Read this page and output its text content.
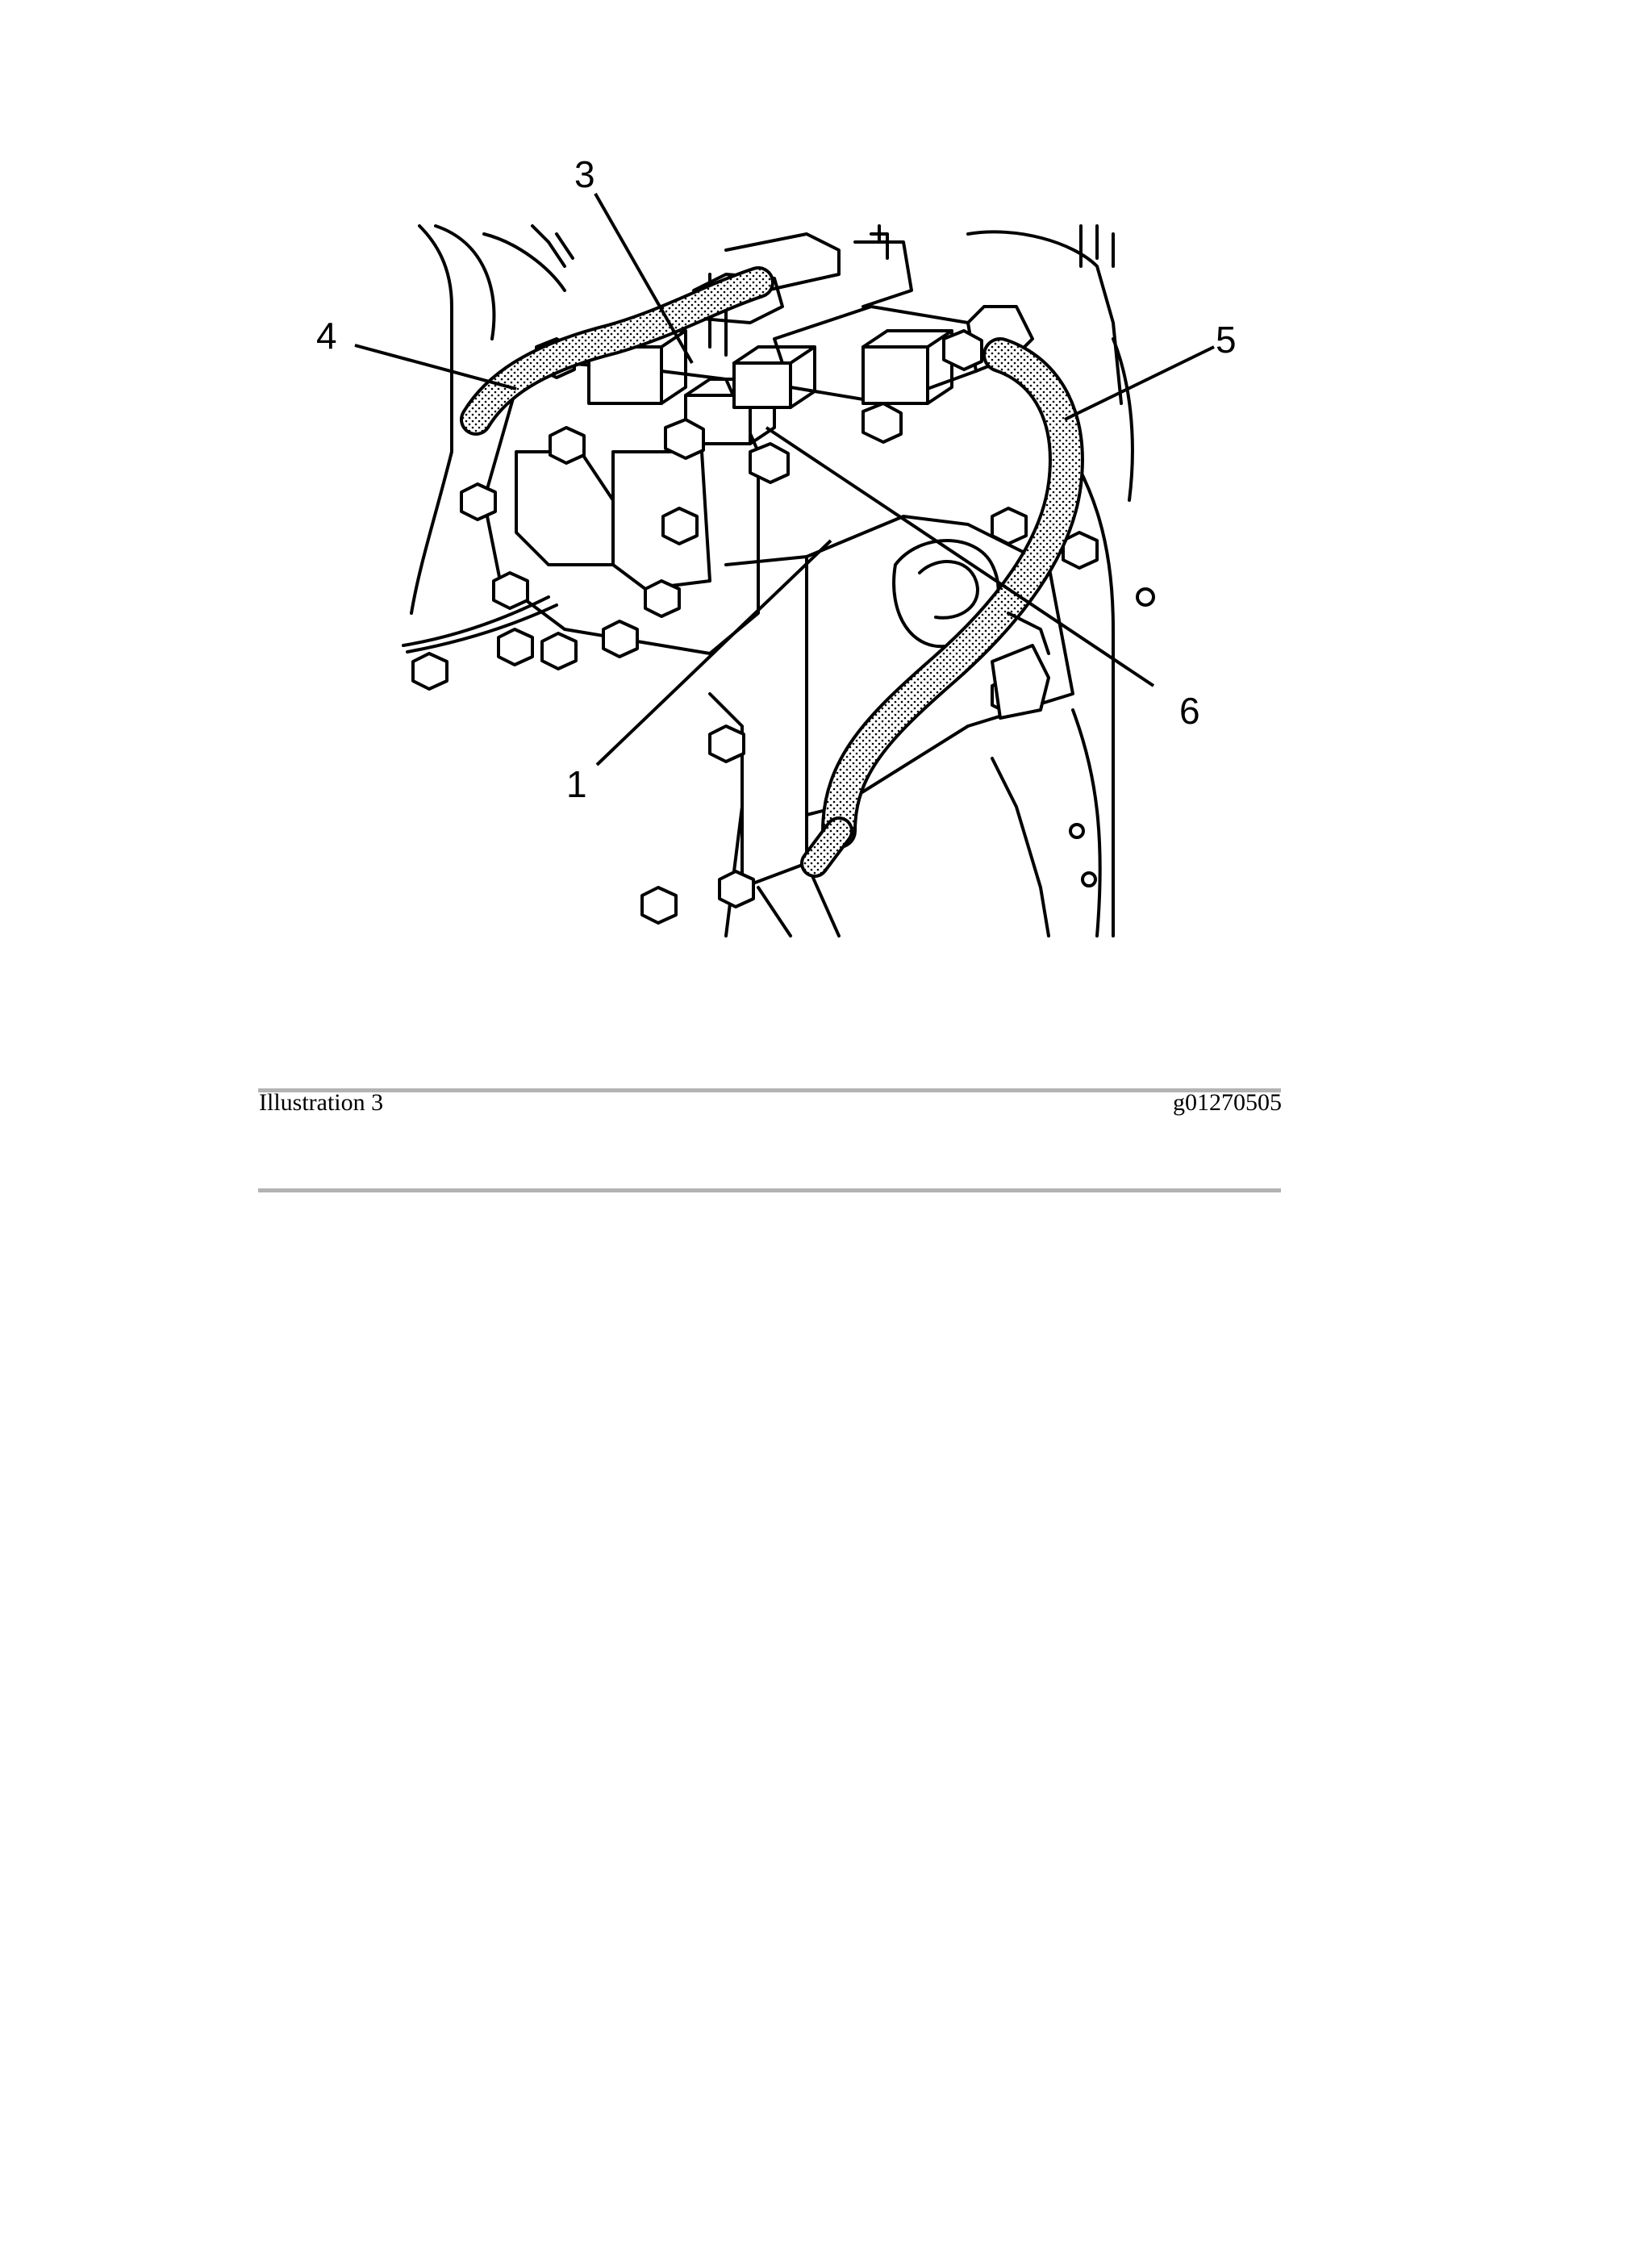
3
4	5
6
1
Illustration 3	g01270505
